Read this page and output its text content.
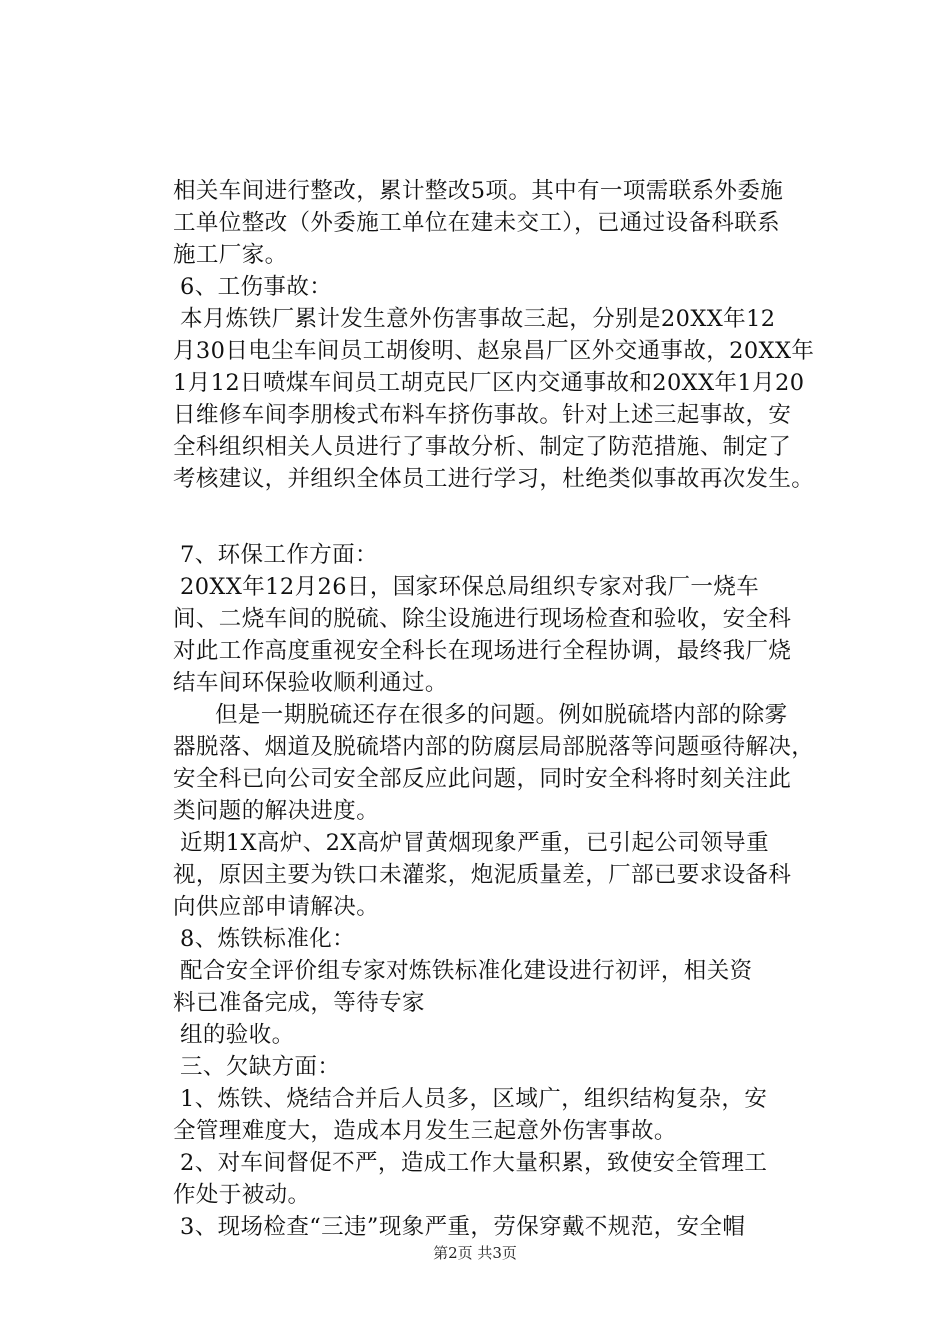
相关车间进行整改，累计整改5项。其中有一项需联系外委施

工单位整改（外委施工单位在建未交工），已通过设备科联系

施工厂家。

6、工伤事故：

本月炼铁厂累计发生意外伤害事故三起，分别是20XX年12

月30日电尘车间员工胡俊明、赵泉昌厂区外交通事故，20XX年

1月12日喷煤车间员工胡克民厂区内交通事故和20XX年1月20

日维修车间李朋梭式布料车挤伤事故。针对上述三起事故，安

全科组织相关人员进行了事故分析、制定了防范措施、制定了

考核建议，并组织全体员工进行学习，杜绝类似事故再次发生。

7、环保工作方面：

20XX年12月26日，国家环保总局组织专家对我厂一烧车

间、二烧车间的脱硫、除尘设施进行现场检查和验收，安全科

对此工作高度重视安全科长在现场进行全程协调，最终我厂烧

结车间环保验收顺利通过。

但是一期脱硫还存在很多的问题。例如脱硫塔内部的除雾

器脱落、烟道及脱硫塔内部的防腐层局部脱落等问题亟待解决，

安全科已向公司安全部反应此问题，同时安全科将时刻关注此

类问题的解决进度。

近期1X高炉、2X高炉冒黄烟现象严重，已引起公司领导重

视，原因主要为铁口未灌浆，炮泥质量差，厂部已要求设备科

向供应部申请解决。

8、炼铁标准化：

配合安全评价组专家对炼铁标准化建设进行初评，相关资

料已准备完成，等待专家

组的验收。

三、欠缺方面：

1、炼铁、烧结合并后人员多，区域广，组织结构复杂，安

全管理难度大，造成本月发生三起意外伤害事故。

2、对车间督促不严，造成工作大量积累，致使安全管理工

作处于被动。

3、现场检查“三违”现象严重，劳保穿戴不规范，安全帽

第2页 共3页
